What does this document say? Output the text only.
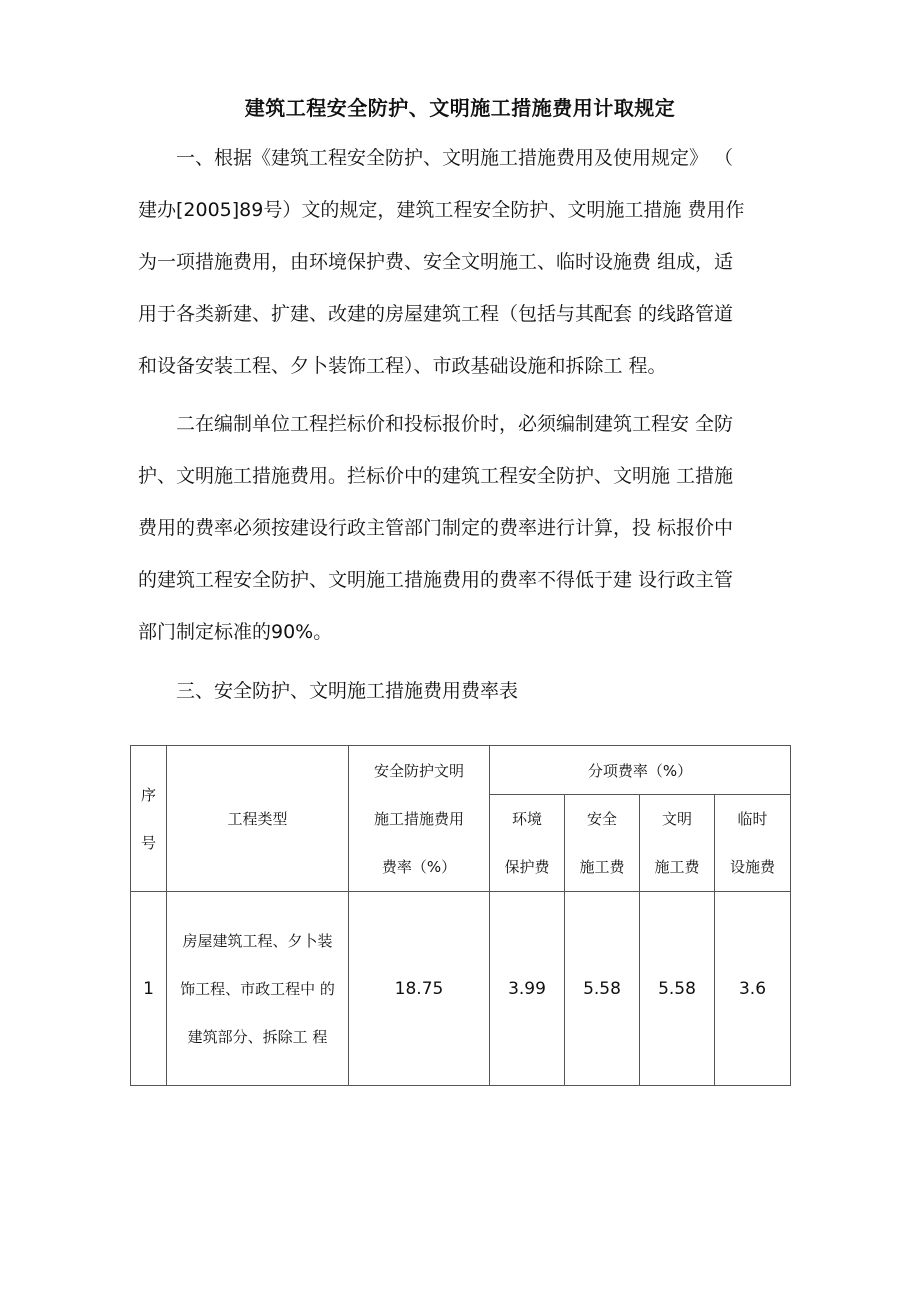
建筑工程安全防护、文明施工措施费用计取规定

一、根据《建筑工程安全防护、文明施工措施费用及使用规定》 （
建办[2005]89号）文的规定，建筑工程安全防护、文明施工措施 费用作
为一项措施费用，由环境保护费、安全文明施工、临时设施费 组成，适
用于各类新建、扩建、改建的房屋建筑工程（包括与其配套 的线路管道
和设备安装工程、夕卜装饰工程）、市政基础设施和拆除工 程。

二在编制单位工程拦标价和投标报价时，必须编制建筑工程安 全防
护、文明施工措施费用。拦标价中的建筑工程安全防护、文明施 工措施
费用的费率必须按建设行政主管部门制定的费率进行计算，投 标报价中
的建筑工程安全防护、文明施工措施费用的费率不得低于建 设行政主管
部门制定标准的90%。

三、安全防护、文明施工措施费用费率表

序
号	工程类型	安全防护文明
施工措施费用
费率（%）	分项费率（%）			

			环境
保护费	安全
施工费	文明
施工费	临时
设施费

1	房屋建筑工程、夕卜装
饰工程、市政工程中 的
建筑部分、拆除工 程	18.75	3.99	5.58	5.58	3.6
